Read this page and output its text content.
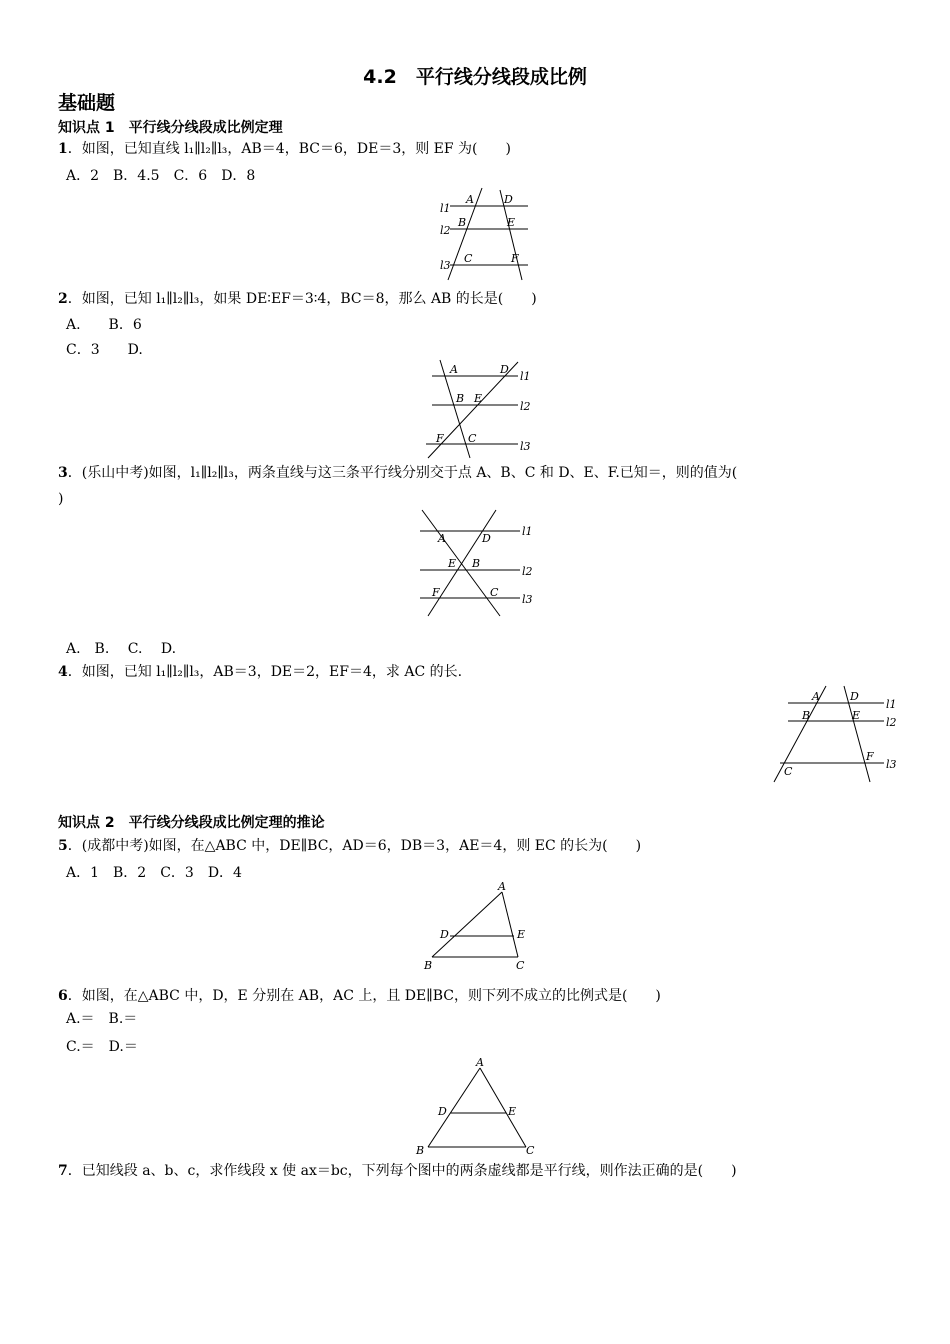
4.2　平行线分线段成比例
基础题
知识点 1　平行线分线段成比例定理
1．如图，已知直线 l₁∥l₂∥l₃，AB＝4，BC＝6，DE＝3，则 EF 为(　　)
A．2　B．4.5　C．6　D．8
l1
A	D
l2
B	E
l3
C	F
2．如图，已知 l₁∥l₂∥l₃，如果 DE∶EF＝3∶4，BC＝8，那么 AB 的长是(　　)
A.　　B．6
C．3　　D.
A	D
l1
B E
l2
F C
l3
3．(乐山中考)如图，l₁∥l₂∥l₃，两条直线与这三条平行线分别交于点 A、B、C 和 D、E、F.已知＝，则的值为(
)
A	D
l1
E B
l2
F	C
l3
A.　B.　 C.　 D.
4．如图，已知 l₁∥l₂∥l₃，AB＝3，DE＝2，EF＝4，求 AC 的长.
A	D
l1
B	E
l2
F
l3
C
知识点 2　平行线分线段成比例定理的推论
5．(成都中考)如图，在△ABC 中，DE∥BC，AD＝6，DB＝3，AE＝4，则 EC 的长为(　　)
A．1　B．2　C．3　D．4
A
D	E
B	C
6．如图，在△ABC 中，D，E 分别在 AB，AC 上，且 DE∥BC，则下列不成立的比例式是(　　)
A.＝　B.＝
C.＝　D.＝
A
D	E
B	C
7．已知线段 a、b、c，求作线段 x 使 ax＝bc，下列每个图中的两条虚线都是平行线，则作法正确的是(　　)
